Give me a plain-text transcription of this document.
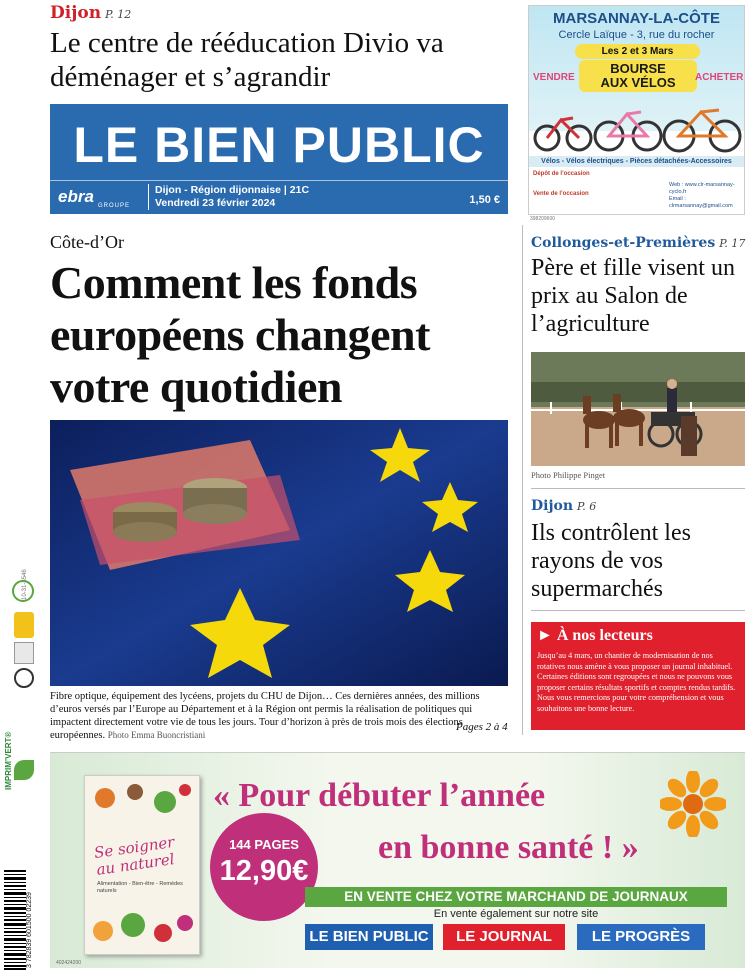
Dijon P. 12
Le centre de rééducation Divio va déménager et s’agrandir
LE BIEN PUBLIC
ebra GROUPE
Dijon - Région dijonnaise | 21C
Vendredi 23 février 2024	1,50 €
MARSANNAY-LA-CÔTE
Cercle Laïque - 3, rue du rocher
Les 2 et 3 Mars
BOURSE
AUX VÉLOS
VENDRE	ACHETER
Vélos - Vélos électriques - Pièces détachées-Accessoires
Dépôt de l’occasion
Vente de l’occasion
Web : www.clr-marsannay-cyclo.fr
Email : clrmarsannay@gmail.com
398209600
Côte-d’Or
Comment les fonds européens changent votre quotidien
Fibre optique, équipement des lycéens, projets du CHU de Dijon… Ces dernières années, des millions d’euros versés par l’Europe au Département et à la Région ont permis la réalisation de politiques qui impactent directement votre vie de tous les jours. Tour d’horizon à près de trois mois des élections européennes. Photo Emma Buoncristiani
Pages 2 à 4
Collonges-et-Premières P. 17
Père et fille visent un prix au Salon de l’agriculture
Photo Philippe Pinget
Dijon P. 6
Ils contrôlent les rayons de vos supermarchés
► À nos lecteurs
Jusqu’au 4 mars, un chantier de modernisation de nos rotatives nous amène à vous proposer un journal inhabituel. Certaines éditions sont regroupées et nous ne pouvons vous proposer certains résultats sportifs et comptes rendus tardifs. Nous vous remercions pour votre compréhension et vous souhaitons une bonne lecture.
10-31-3546
IMPRIM’VERT®
3 782839 601500 02239
Se soigner au naturel
Alimentation - Bien-être - Remèdes naturels
144 PAGES
12,90€
« Pour débuter l’année
en bonne santé ! »
EN VENTE CHEZ VOTRE MARCHAND DE JOURNAUX
En vente également sur notre site
LE BIEN PUBLIC	LE JOURNAL	LE PROGRÈS
402424200
